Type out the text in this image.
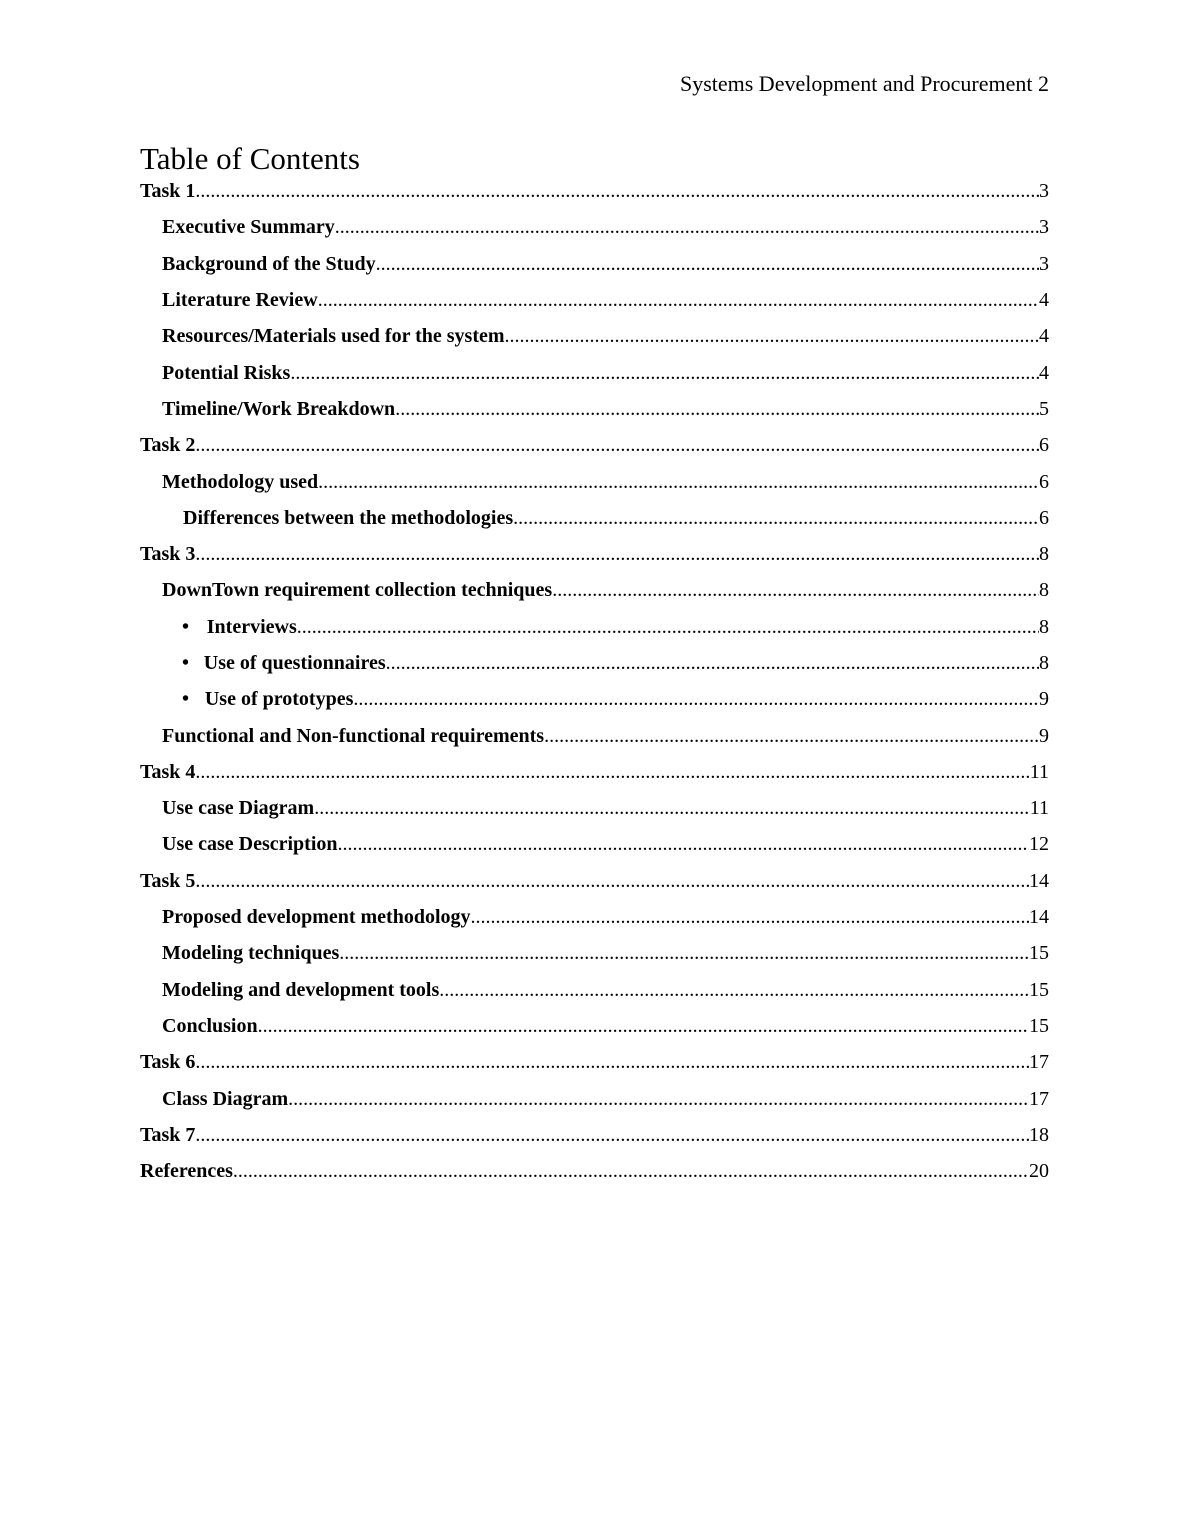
Systems Development and Procurement 2
Table of Contents
Task 1 .....	3
Executive Summary .....	3
Background of the Study .....	3
Literature Review .....	4
Resources/Materials used for the system .....	4
Potential Risks .....	4
Timeline/Work Breakdown .....	5
Task 2 .....	6
Methodology used .....	6
Differences between the methodologies .....	6
Task 3 .....	8
DownTown requirement collection techniques .....	8
• Interviews .....	8
• Use of questionnaires .....	8
• Use of prototypes .....	9
Functional and Non-functional requirements .....	9
Task 4 .....	11
Use case Diagram .....	11
Use case Description .....	12
Task 5 .....	14
Proposed development methodology .....	14
Modeling techniques .....	15
Modeling and development tools .....	15
Conclusion .....	15
Task 6 .....	17
Class Diagram .....	17
Task 7 .....	18
References .....	20
